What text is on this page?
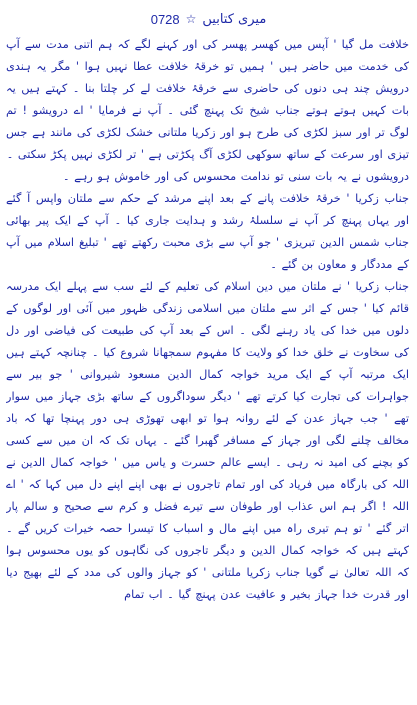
میری کتابیں
☆
0728

خلافت مل گیا ' آپس میں کھسر پھسر کی اور کہنے لگے کہ ہم اتنی مدت سے آپ کی خدمت میں حاضر ہیں ' ہمیں تو خرقۂ خلافت عطا نہیں ہوا ' مگر یہ ہندی درویش چند ہی دنوں کی حاضری سے خرقۂ خلافت لے کر چلتا بنا ۔ کہتے ہیں یہ بات کہیں ہوتے ہوتے جناب شیخ تک پہنچ گئی ۔ آپ نے فرمایا ' اے درویشو ! تم لوگ تر اور سبز لکڑی کی طرح ہو اور زکریا ملتانی خشک لکڑی کی مانند ہے جس تیزی اور سرعت کے ساتھ سوکھی لکڑی آگ پکڑتی ہے ' تر لکڑی نہیں پکڑ سکتی ۔

درویشوں نے یہ بات سنی تو ندامت محسوس کی اور خاموش ہو رہے ۔

جناب زکریا ' خرقۂ خلافت پانے کے بعد اپنے مرشد کے حکم سے ملتان واپس آ گئے اور یہاں پہنچ کر آپ نے سلسلۂ رشد و ہدایت جاری کیا ۔ آپ کے ایک پیر بھائی جناب شمس الدین تبریزی ' جو آپ سے بڑی محبت رکھتے تھے ' تبلیغ اسلام میں آپ کے مددگار و معاون بن گئے ۔

جناب زکریا ' نے ملتان میں دین اسلام کی تعلیم کے لئے سب سے پہلے ایک مدرسہ قائم کیا ' جس کے اثر سے ملتان میں اسلامی زندگی ظہور میں آئی اور لوگوں کے دلوں میں خدا کی یاد رہنے لگی ۔ اس کے بعد آپ کی طبیعت کی فیاضی اور دل کی سخاوت نے خلق خدا کو ولایت کا مفہوم سمجھانا شروع کیا ۔ چنانچہ کہتے ہیں ایک مرتبہ آپ کے ایک مرید خواجہ کمال الدین مسعود شیروانی ' جو بیر سے جواہرات کی تجارت کیا کرتے تھے ' دیگر سوداگروں کے ساتھ بڑی جہاز میں سوار تھے ' جب جہاز عدن کے لئے روانہ ہوا تو ابھی تھوڑی ہی دور پہنچا تھا کہ باد مخالف چلنے لگی اور جہاز کے مسافر گھبرا گئے ۔ یہاں تک کہ ان میں سے کسی کو بچنے کی امید نہ رہی ۔ ایسے عالم حسرت و یاس میں ' خواجہ کمال الدین نے اللہ کی بارگاہ میں فریاد کی اور تمام تاجروں نے بھی اپنے اپنے دل میں کہا کہ ' اے اللہ ! اگر ہم اس عذاب اور طوفان سے تیرے فضل و کرم سے صحیح و سالم پار اتر گئے ' تو ہم تیری راہ میں اپنے مال و اسباب کا تیسرا حصہ خیرات کریں گے ۔ کہتے ہیں کہ خواجہ کمال الدین و دیگر تاجروں کی نگاہوں کو یوں محسوس ہوا کہ اللہ تعالیٰ نے گویا جناب زکریا ملتانی ' کو جہاز والوں کی مدد کے لئے بھیج دیا اور قدرت خدا جہاز بخیر و عافیت عدن پہنچ گیا ۔ اب تمام
